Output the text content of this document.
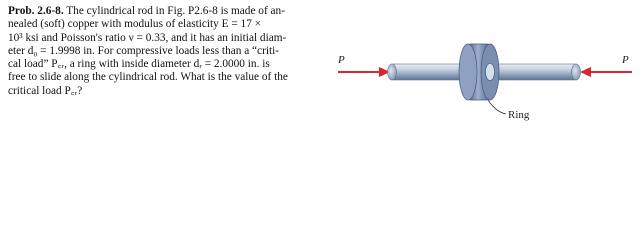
Prob. 2.6-8. The cylindrical rod in Fig. P2.6-8 is made of an-
nealed (soft) copper with modulus of elasticity E = 17 ×
10³ ksi and Poisson's ratio ν = 0.33, and it has an initial diam-
eter d₀ = 1.9998 in. For compressive loads less than a “criti-
cal load” P꜀ᵣ, a ring with inside diameter dᵣ = 2.0000 in. is
free to slide along the cylindrical rod. What is the value of the
critical load P꜀ᵣ?
P	P
Ring
